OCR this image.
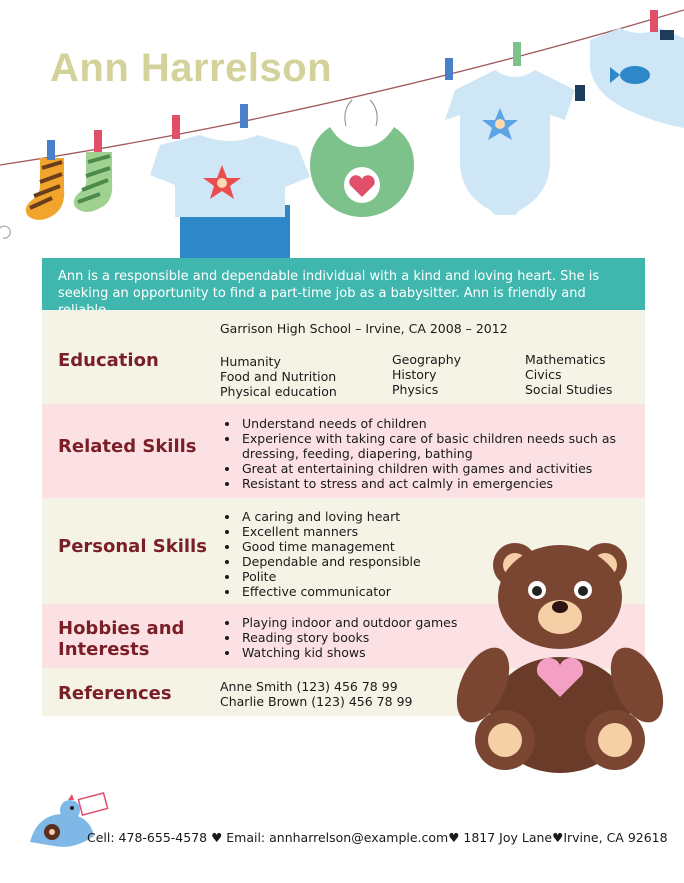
Ann Harrelson
Ann is a responsible and dependable individual with a kind and loving heart. She is seeking an opportunity to find a part-time job as a babysitter. Ann is friendly and
Education
Garrison High School – Irvine, CA 2008 – 2012
Humanity
Food and Nutrition
Physical education
Geography
History
Physics
Mathematics
Civics
Social Studies
Related Skills
• Understand needs of children
• Experience with taking care of basic children needs such as dressing, feeding, diapering, bathing
• Great at entertaining children with games and activities
• Resistant to stress and act calmly in emergencies
Personal Skills
• A caring and loving heart
• Excellent manners
• Good time management
• Dependable and responsible
• Polite
• Effective communicator
Hobbies and
Interests
• Playing indoor and outdoor games
• Reading story books
• Watching kid shows
References	Anne Smith (123) 456 78 99
Charlie Brown (123) 456 78 99
Cell: 478-655-4578 ♥ Email: annharrelson@example.com♥ 1817 Joy Lane♥Irvine, CA 92618
